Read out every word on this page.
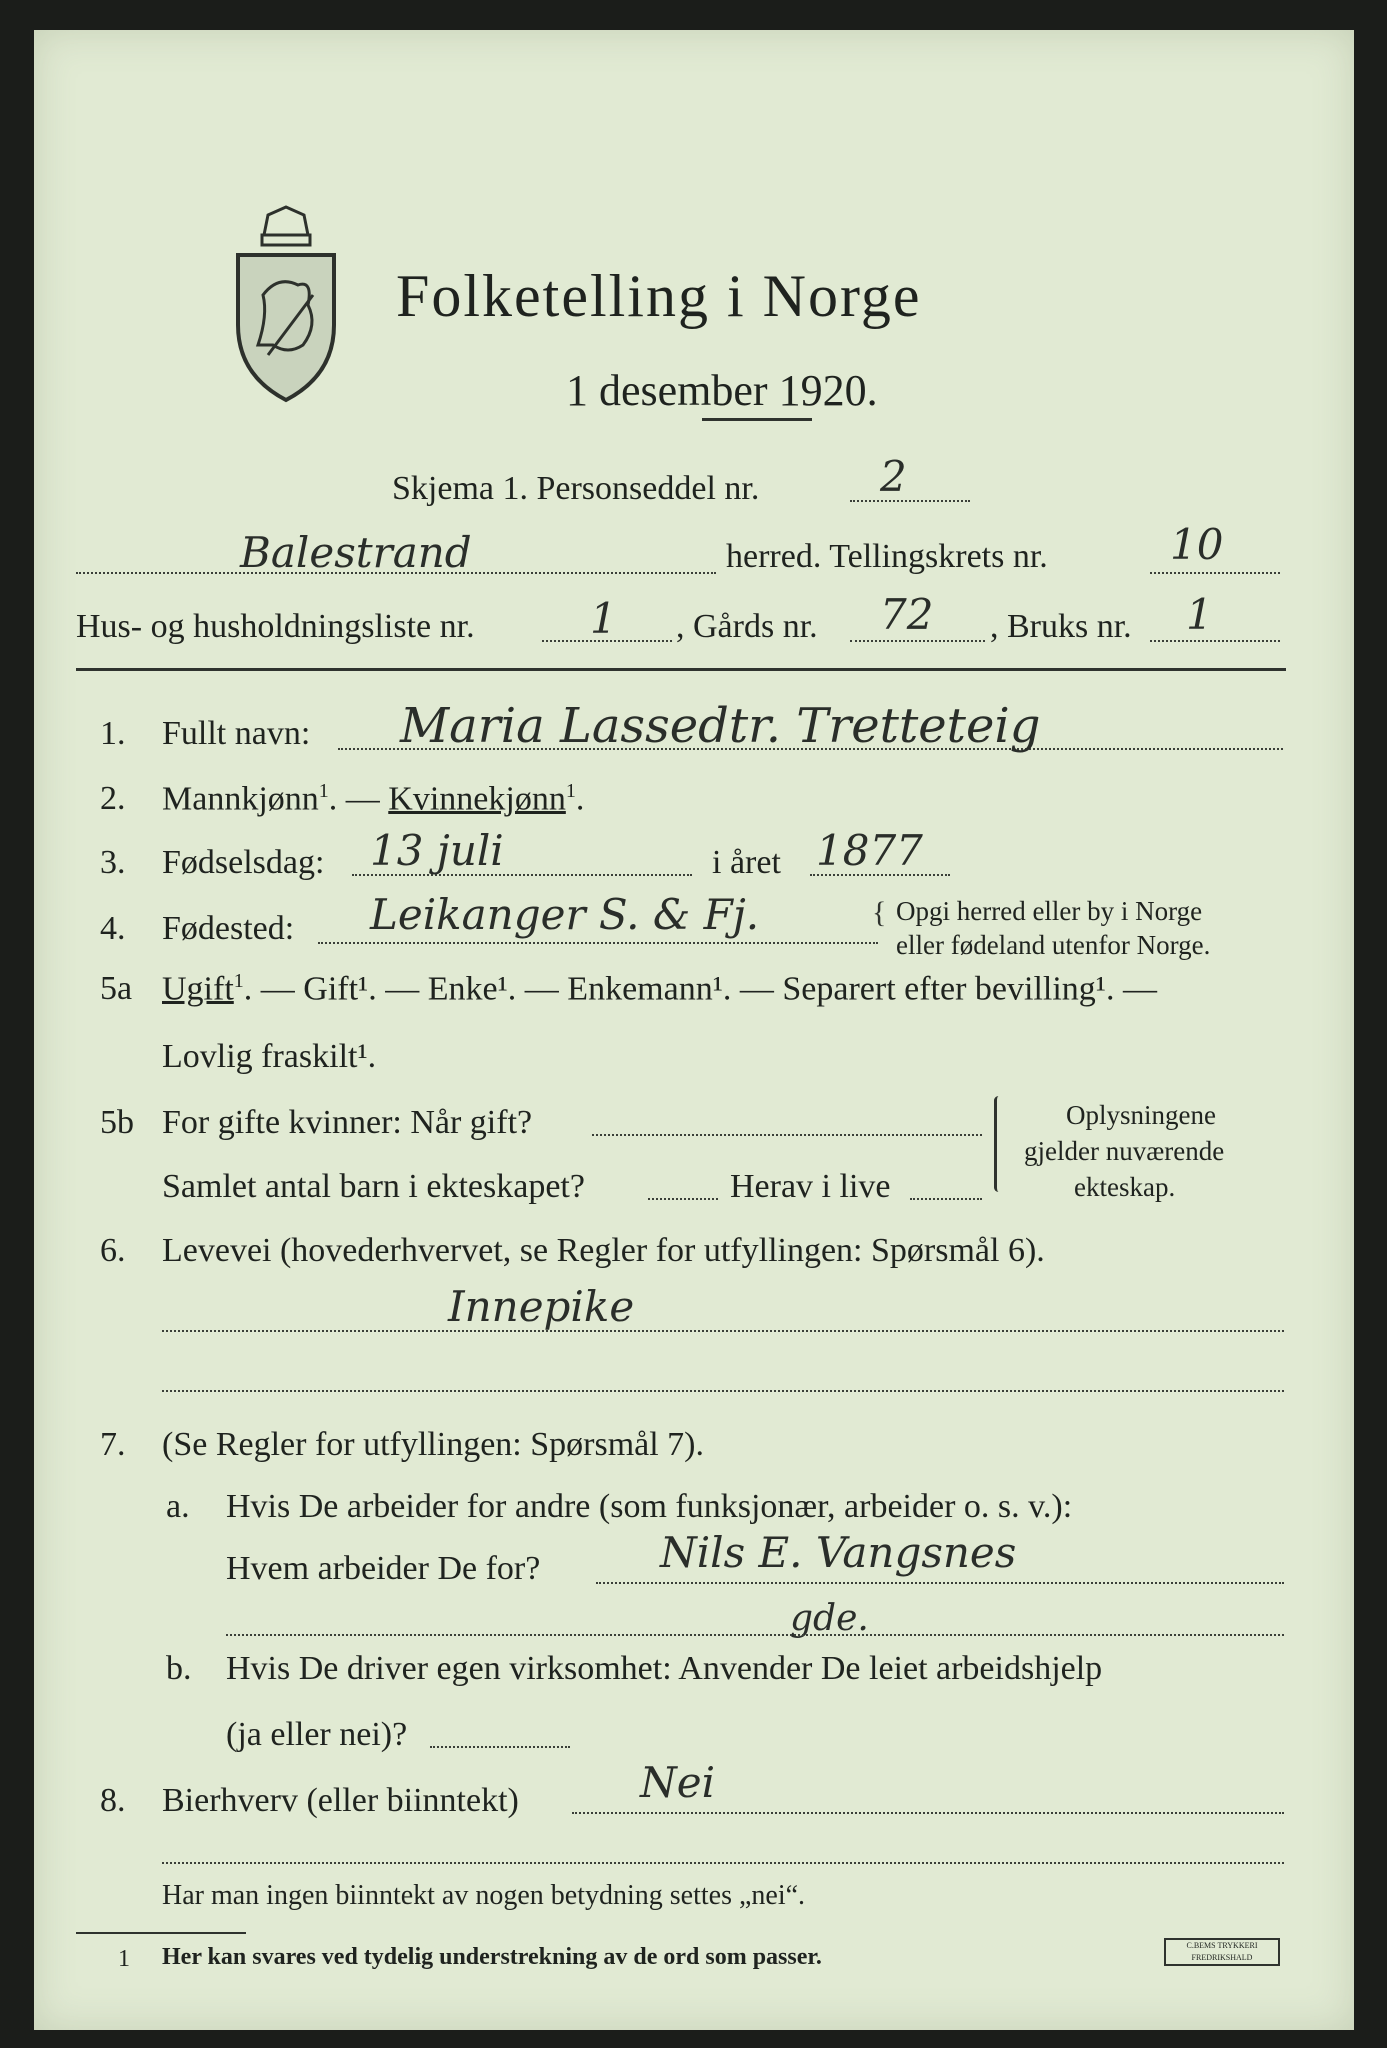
Folketelling i Norge
1 desember 1920.
Skjema 1. Personseddel nr.	2
Balestrand	herred. Tellingskrets nr.	10
Hus- og husholdningsliste nr.	1 , Gårds nr. 72 , Bruks nr. 1
1. Fullt navn: Maria Lassedtr. Tretteteig
2. Mannkjønn$^1$. — Kvinnekjønn$^1$.
3. Fødselsdag: 13 juli	i året 1877
4. Fødested: Leikanger S. & Fj.	{ Opgi herred eller by i Norge
eller fødeland utenfor Norge.
5a Ugift$^1$. — Gift¹. — Enke¹. — Enkemann¹. — Separert efter bevilling¹. —
Lovlig fraskilt¹.
5b For gifte kvinner: Når gift?
Samlet antal barn i ekteskapet?	Herav i live
Oplysningene
gjelder nuværende
ekteskap.
6. Levevei (hovederhvervet, se Regler for utfyllingen: Spørsmål 6).
Innepike
7. (Se Regler for utfyllingen: Spørsmål 7).
a. Hvis De arbeider for andre (som funksjonær, arbeider o. s. v.):
Hvem arbeider De for?	Nils E. Vangsnes
gde.
b. Hvis De driver egen virksomhet: Anvender De leiet arbeidshjelp
(ja eller nei)?
8. Bierhverv (eller biinntekt)	Nei
Har man ingen biinntekt av nogen betydning settes „nei“.
1 Her kan svares ved tydelig understrekning av de ord som passer.	C.BEMS TRYKKERI FREDRIKSHALD
